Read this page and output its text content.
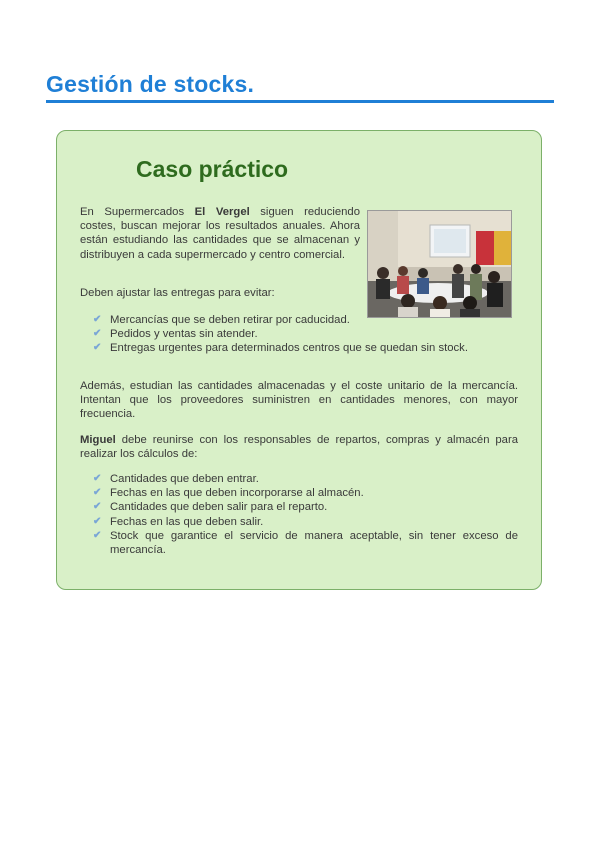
Gestión de stocks.
Caso práctico

En Supermercados El Vergel siguen reduciendo costes, buscan mejorar los resultados anuales. Ahora están estudiando las cantidades que se almacenan y distribuyen a cada supermercado y centro comercial.

Deben ajustar las entregas para evitar:

✔ Mercancías que se deben retirar por caducidad.
✔ Pedidos y ventas sin atender.
✔ Entregas urgentes para determinados centros que se quedan sin stock.

Además, estudian las cantidades almacenadas y el coste unitario de la mercancía. Intentan que los proveedores suministren en cantidades menores, con mayor frecuencia.

Miguel debe reunirse con los responsables de repartos, compras y almacén para realizar los cálculos de:

✔ Cantidades que deben entrar.
✔ Fechas en las que deben incorporarse al almacén.
✔ Cantidades que deben salir para el reparto.
✔ Fechas en las que deben salir.
✔ Stock que garantice el servicio de manera aceptable, sin tener exceso de mercancía.
